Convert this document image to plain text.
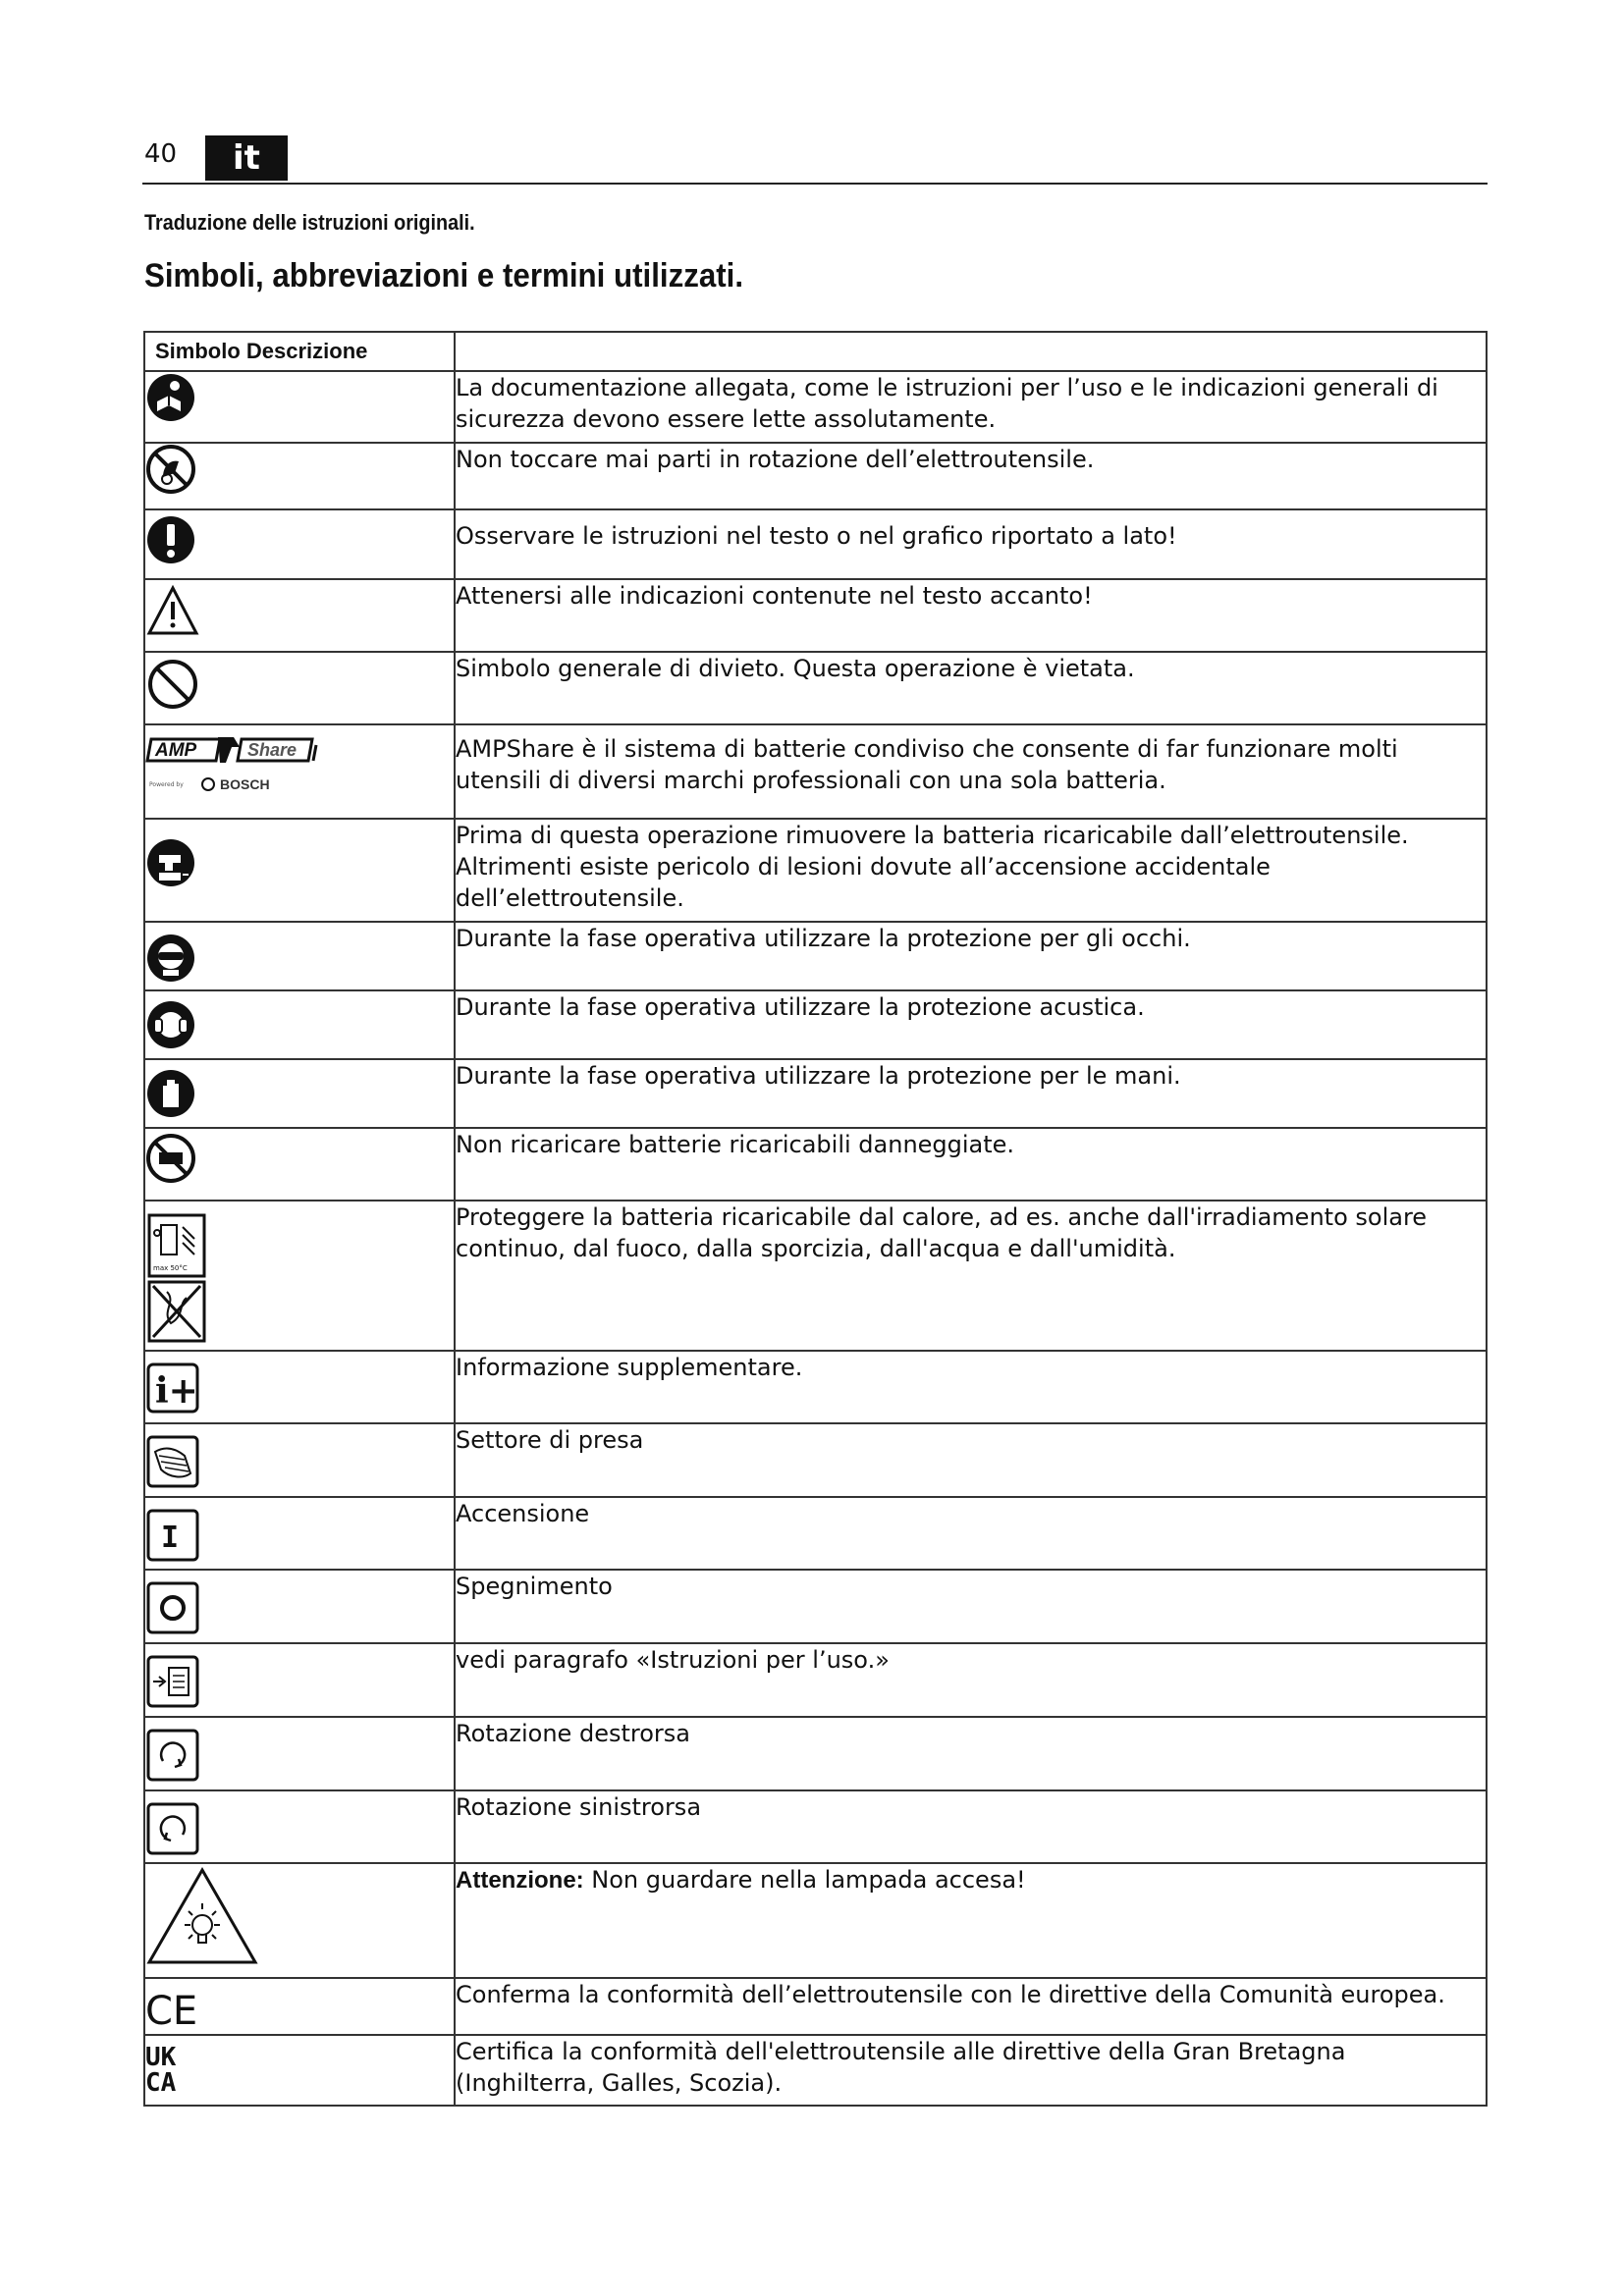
40	it
Traduzione delle istruzioni originali.
Simboli, abbreviazioni e termini utilizzati.
Simbolo Descrizione	

	La documentazione allegata, come le istruzioni per l’uso e le indicazioni generali di sicurezza devono essere lette assolutamente.

	Non toccare mai parti in rotazione dell’elettroutensile.

	Osservare le istruzioni nel testo o nel grafico riportato a lato!

	Attenersi alle indicazioni contenute nel testo accanto!

	Simbolo generale di divieto. Questa operazione è vietata.

AMP Share
Powered by BOSCH	AMPShare è il sistema di batterie condiviso che consente di far funzionare molti utensili di diversi marchi professionali con una sola batteria.

	Prima di questa operazione rimuovere la batteria ricaricabile dall’elettroutensile. Altrimenti esiste pericolo di lesioni dovute all’accensione accidentale dell’elettroutensile.

	Durante la fase operativa utilizzare la protezione per gli occhi.

	Durante la fase operativa utilizzare la protezione acustica.

	Durante la fase operativa utilizzare la protezione per le mani.

	Non ricaricare batterie ricaricabili danneggiate.

max 50°C	Proteggere la batteria ricaricabile dal calore, ad es. anche dall'irradiamento solare continuo, dal fuoco, dalla sporcizia, dall'acqua e dall'umidità.

i+	Informazione supplementare.

	Settore di presa

I	Accensione

	Spegnimento

	vedi paragrafo «Istruzioni per l’uso.»

	Rotazione destrorsa

	Rotazione sinistrorsa

	Attenzione: Non guardare nella lampada accesa!

CE	Conferma la conformità dell’elettroutensile con le direttive della Comunità europea.

UK
CA	Certifica la conformità dell'elettroutensile alle direttive della Gran Bretagna (Inghilterra, Galles, Scozia).
